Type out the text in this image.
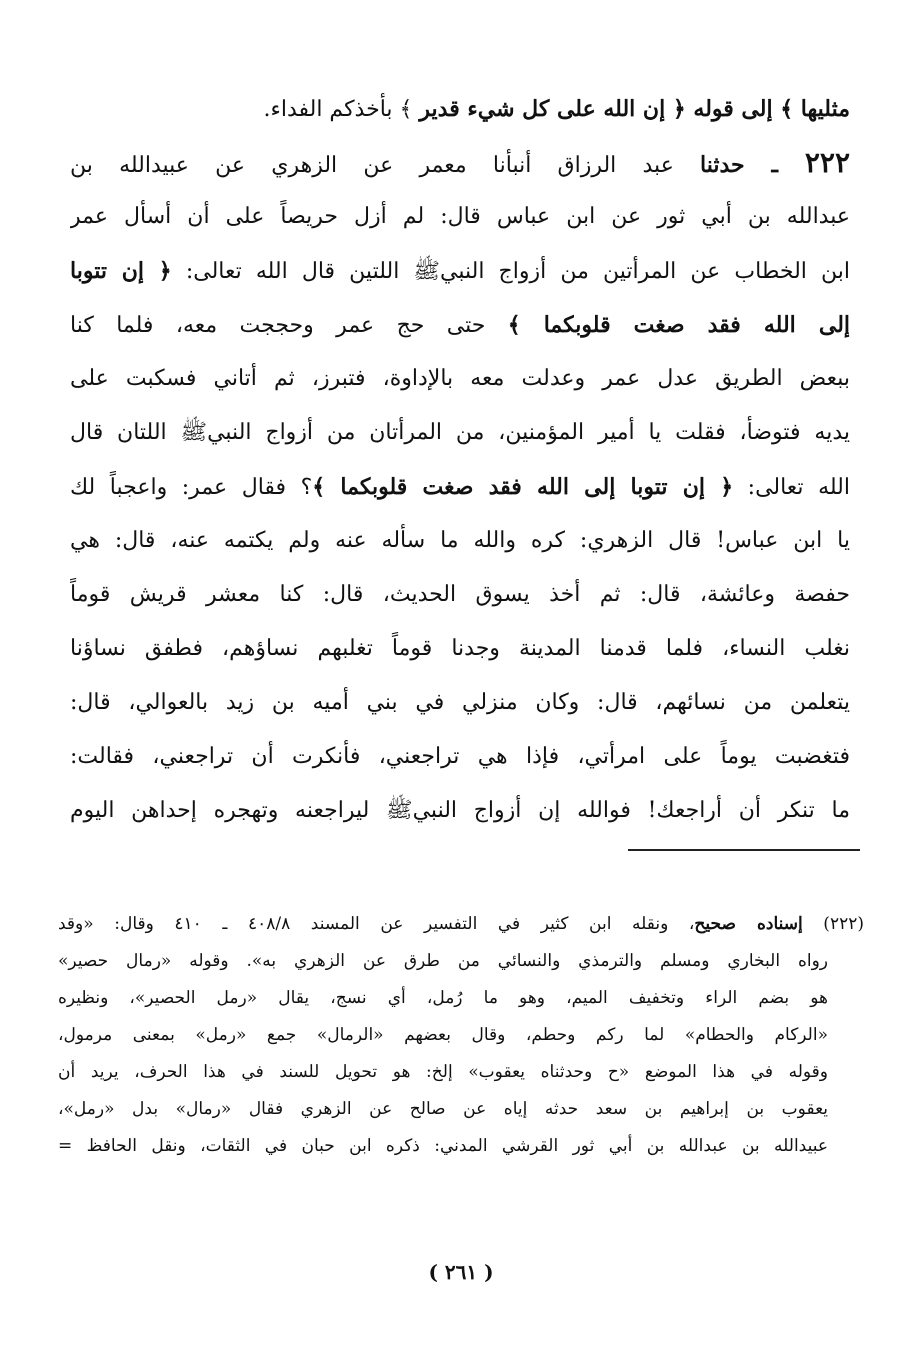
مثليها ﴾ إلى قوله ﴿ إن الله على كل شيء قدير ﴾ بأخذكم الفداء.
٢٢٢ ـ حدثنا عبد الرزاق أنبأنا معمر عن الزهري عن عبيدالله بن
عبدالله بن أبي ثور عن ابن عباس قال: لم أزل حريصاً على أن أسأل عمر
ابن الخطاب عن المرأتين من أزواج النبيﷺ اللتين قال الله تعالى: ﴿ إن تتوبا
إلى الله فقد صغت قلوبكما ﴾ حتى حج عمر وحججت معه، فلما كنا
ببعض الطريق عدل عمر وعدلت معه بالإداوة، فتبرز، ثم أتاني فسكبت على
يديه فتوضأ، فقلت يا أمير المؤمنين، من المرأتان من أزواج النبيﷺ اللتان قال
الله تعالى: ﴿ إن تتوبا إلى الله فقد صغت قلوبكما ﴾؟ فقال عمر: واعجباً لك
يا ابن عباس! قال الزهري: كره والله ما سأله عنه ولم يكتمه عنه، قال: هي
حفصة وعائشة، قال: ثم أخذ يسوق الحديث، قال: كنا معشر قريش قوماً
نغلب النساء، فلما قدمنا المدينة وجدنا قوماً تغلبهم نساؤهم، فطفق نساؤنا
يتعلمن من نسائهم، قال: وكان منزلي في بني أميه بن زيد بالعوالي، قال:
فتغضبت يوماً على امرأتي، فإذا هي تراجعني، فأنكرت أن تراجعني، فقالت:
ما تنكر أن أراجعك! فوالله إن أزواج النبيﷺ ليراجعنه وتهجره إحداهن اليوم
(٢٢٢) إسناده صحيح، ونقله ابن كثير في التفسير عن المسند ٤٠٨/٨ ـ ٤١٠ وقال: «وقد
رواه البخاري ومسلم والترمذي والنسائي من طرق عن الزهري به». وقوله «رمال حصير»
هو بضم الراء وتخفيف الميم، وهو ما رُمل، أي نسج، يقال «رمل الحصير»، ونظيره
«الركام والحطام» لما ركم وحطم، وقال بعضهم «الرمال» جمع «رمل» بمعنى مرمول،
وقوله في هذا الموضع «ح وحدثناه يعقوب» إلخ: هو تحويل للسند في هذا الحرف، يريد أن
يعقوب بن إبراهيم بن سعد حدثه إياه عن صالح عن الزهري فقال «رمال» بدل «رمل»،
عبيدالله بن عبدالله بن أبي ثور القرشي المدني: ذكره ابن حبان في الثقات، ونقل الحافظ =
( ٢٦١ )
